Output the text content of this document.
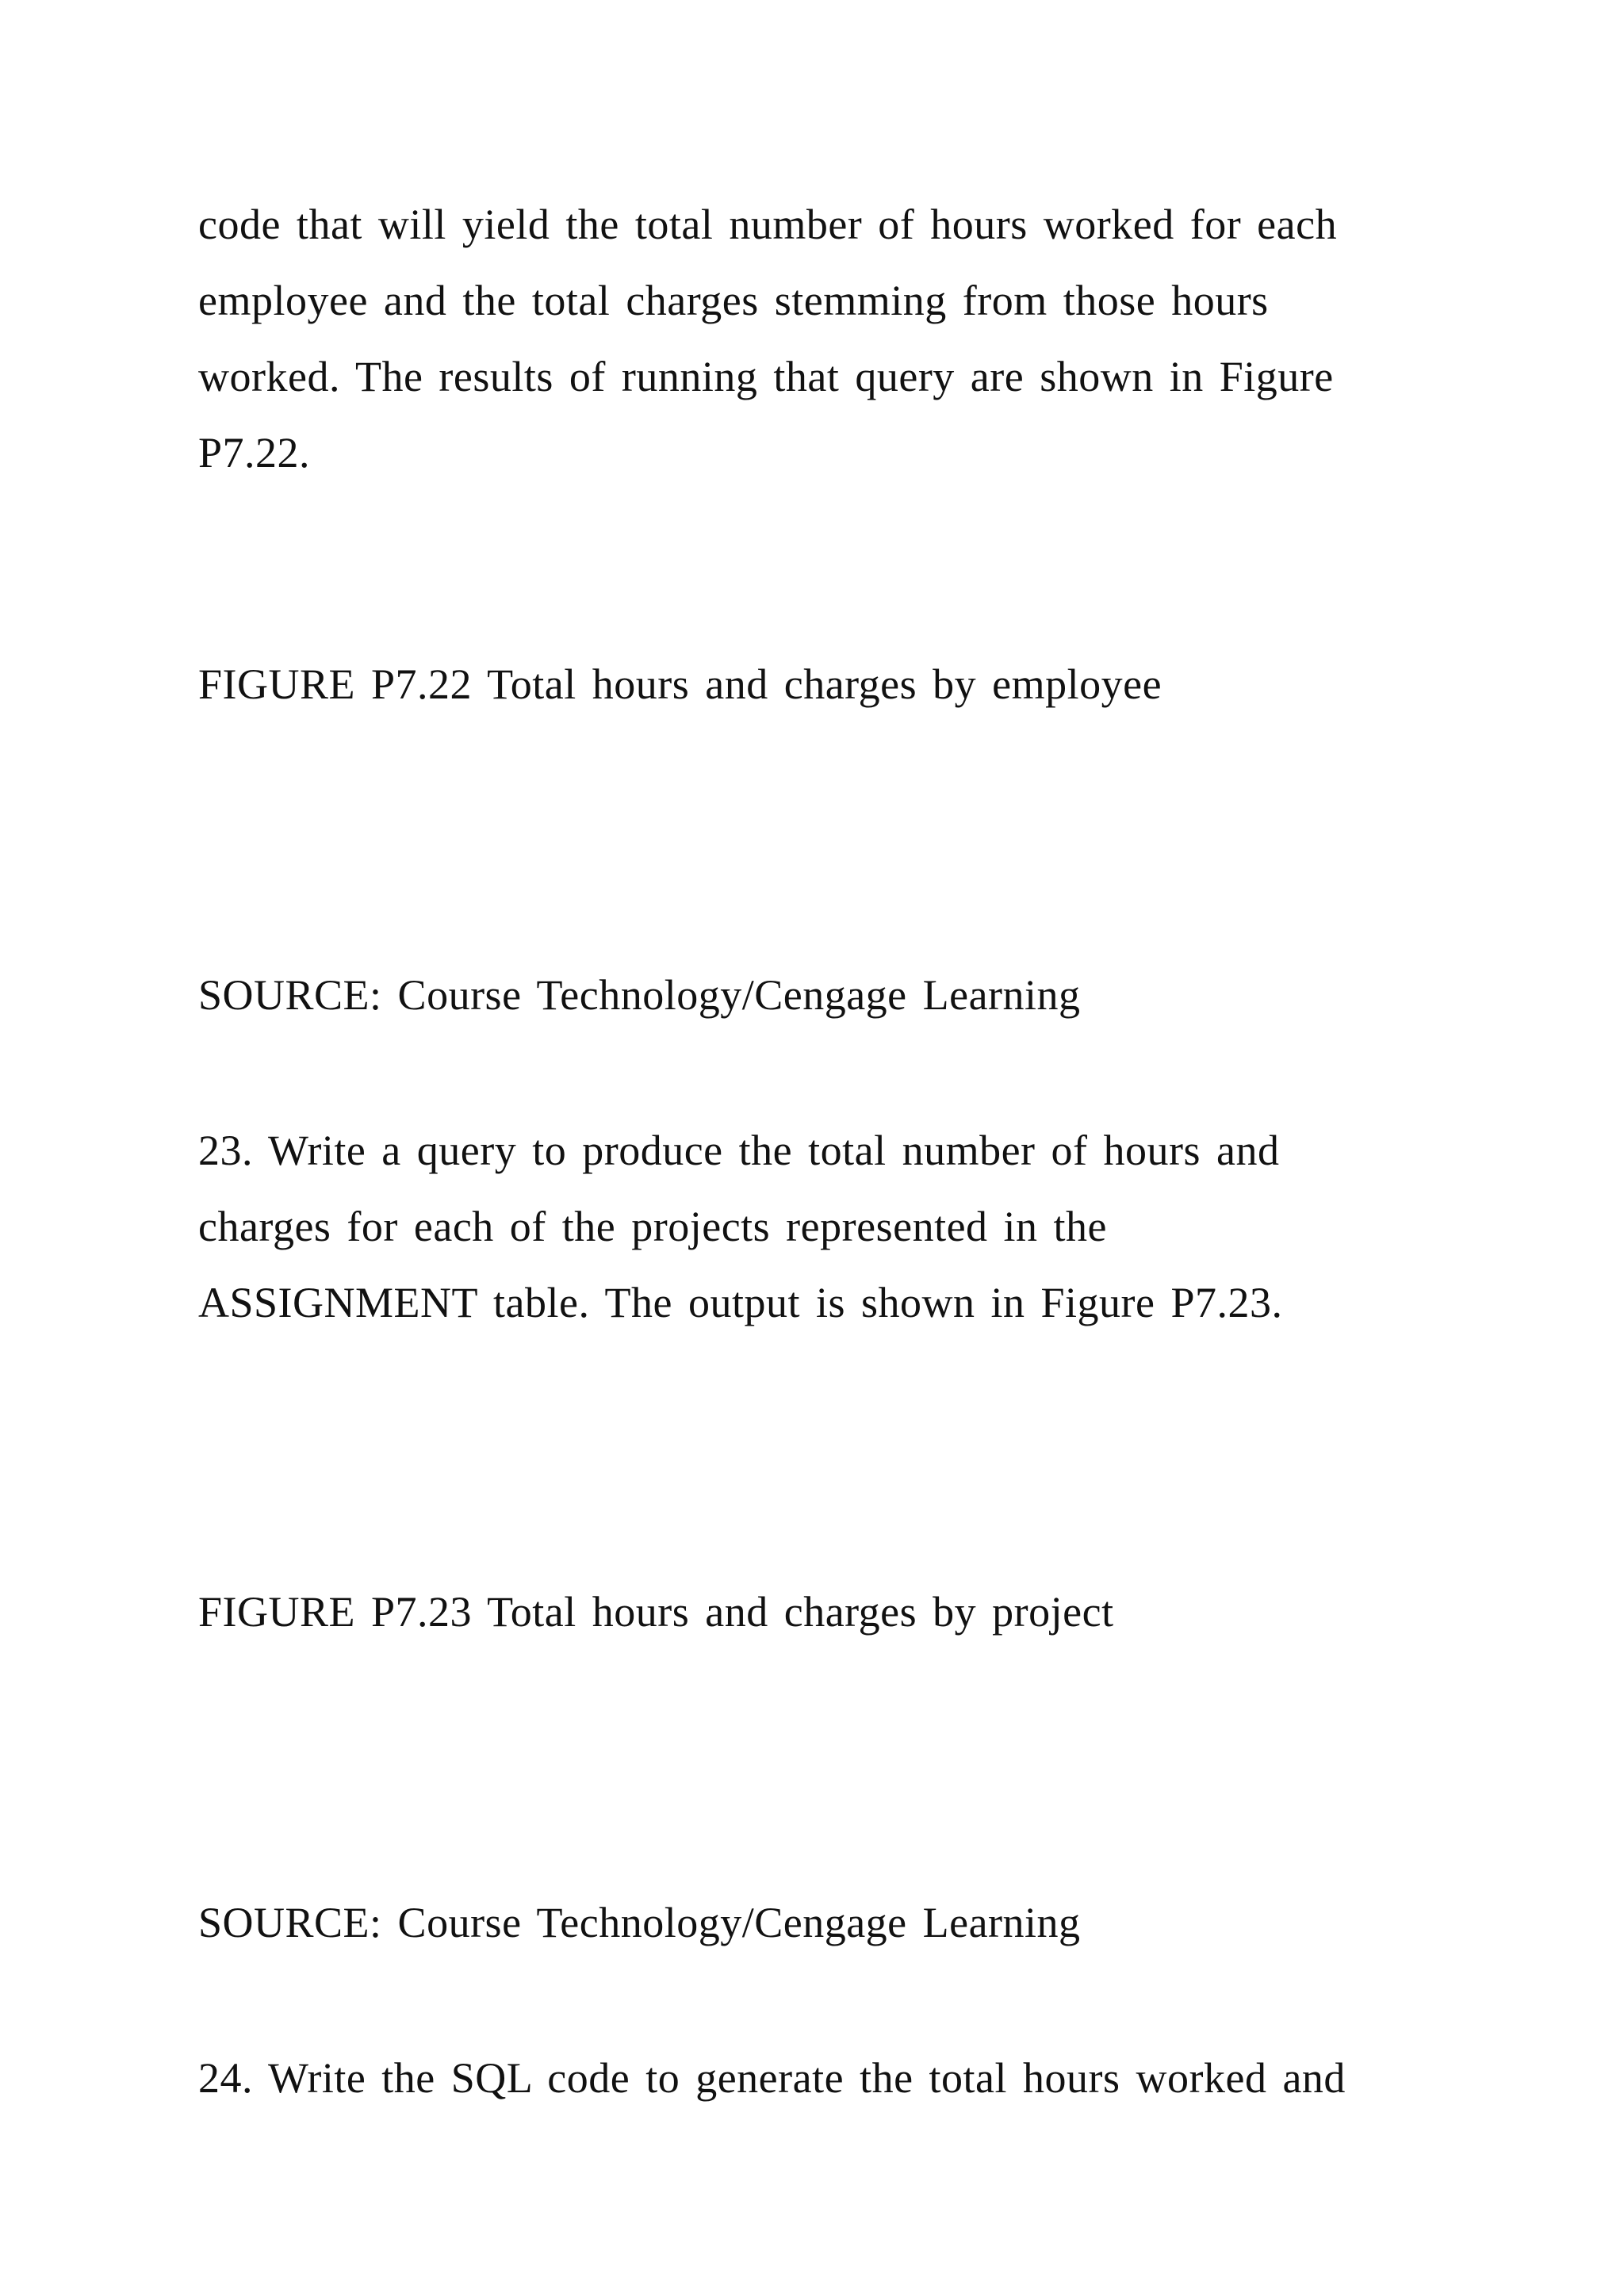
code that will yield the total number of hours worked for each
employee and the total charges stemming from those hours
worked. The results of running that query are shown in Figure
P7.22.
FIGURE P7.22 Total hours and charges by employee
SOURCE: Course Technology/Cengage Learning
23. Write a query to produce the total number of hours and
charges for each of the projects represented in the
ASSIGNMENT table. The output is shown in Figure P7.23.
FIGURE P7.23 Total hours and charges by project
SOURCE: Course Technology/Cengage Learning
24. Write the SQL code to generate the total hours worked and
